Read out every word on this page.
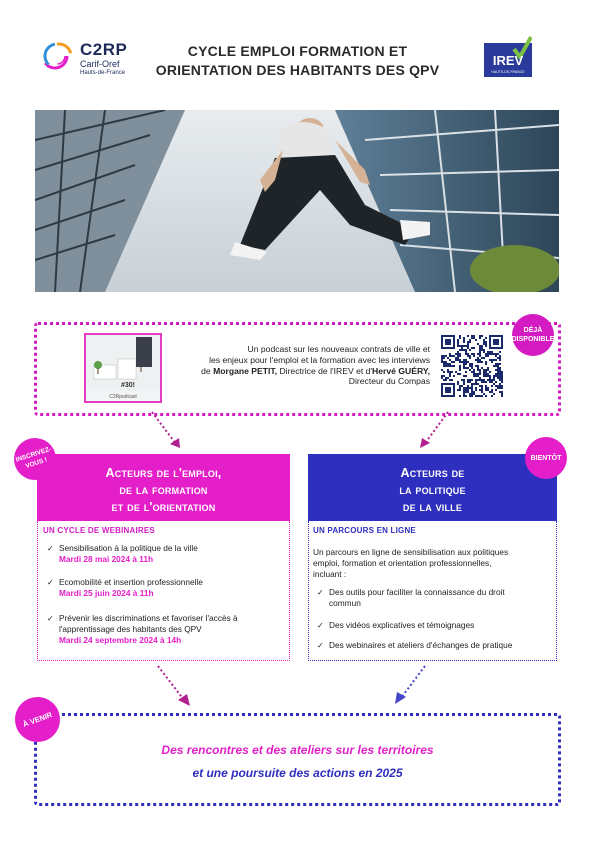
C2RP
Carif-Oref
Hauts-de-France
CYCLE EMPLOI FORMATION ET
ORIENTATION DES HABITANTS DES QPV
IREV
HAUTS-DE-FRANCE
#30!
C2Rpodcast
Un podcast sur les nouveaux contrats de ville et
les enjeux pour l'emploi et la formation avec les interviews
de Morgane PETIT, Directrice de l'IREV et d'Hervé GUÉRY,
Directeur du Compas
DÉJÀ DISPONIBLE
Acteurs de l'emploi,
de la formation
et de l'orientation
UN CYCLE DE WEBINAIRES
✓ Sensibilisation à la politique de la ville
Mardi 28 mai 2024 à 11h
✓ Ecomobilité et insertion professionnelle
Mardi 25 juin 2024 à 11h
✓ Prévenir les discriminations et favoriser l'accès à
l'apprentissage des habitants des QPV
Mardi 24 septembre 2024 à 14h
INSCRIVEZ-VOUS !
Acteurs de
la politique
de la ville
UN PARCOURS EN LIGNE
Un parcours en ligne de sensibilisation aux politiques
emploi, formation et orientation professionnelles,
incluant :
✓ Des outils pour faciliter la connaissance du droit
commun
✓ Des vidéos explicatives et témoignages
✓ Des webinaires et ateliers d'échanges de pratique
BIENTÔT
À VENIR
Des rencontres et des ateliers sur les territoires
et une poursuite des actions en 2025
